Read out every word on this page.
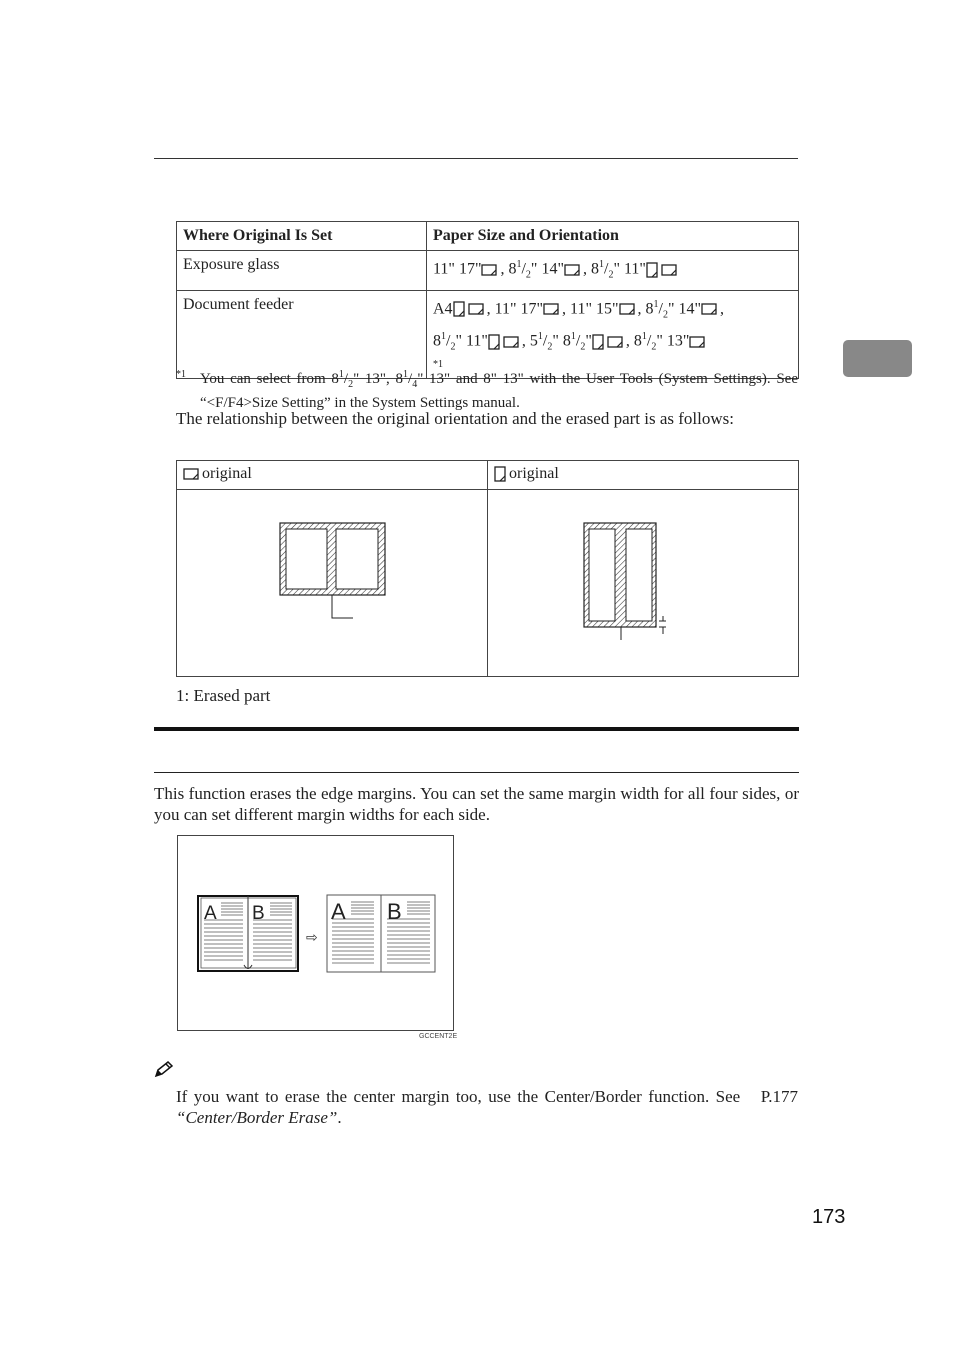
Where Original Is Set	Paper Size and Orientation
Exposure glass	11" 17" , $8^1/_2$" 14" , $8^1/_2$" 11"
Document feeder	A4 , 11" 17" , 11" 15" , $8^1/_2$" 14" ,
$8^1/_2$" 11" , $5^1/_2$" $8^1/_2$" , $8^1/_2$" 13"
$^{*1}$
*1 You can select from $8^1/_2$" 13", $8^1/_4$" 13" and 8" 13" with the User Tools (System Settings). See “<F/F4>Size Setting” in the System Settings manual.
The relationship between the original orientation and the erased part is as follows:
original	original

1: Erased part
This function erases the edge margins. You can set the same margin width for all four sides, or you can set different margin widths for each side.
A B
⇨
A B
GCCENT2E
If you want to erase the center margin too, use the Center/Border function. See P.177 “Center/Border Erase”.
173
